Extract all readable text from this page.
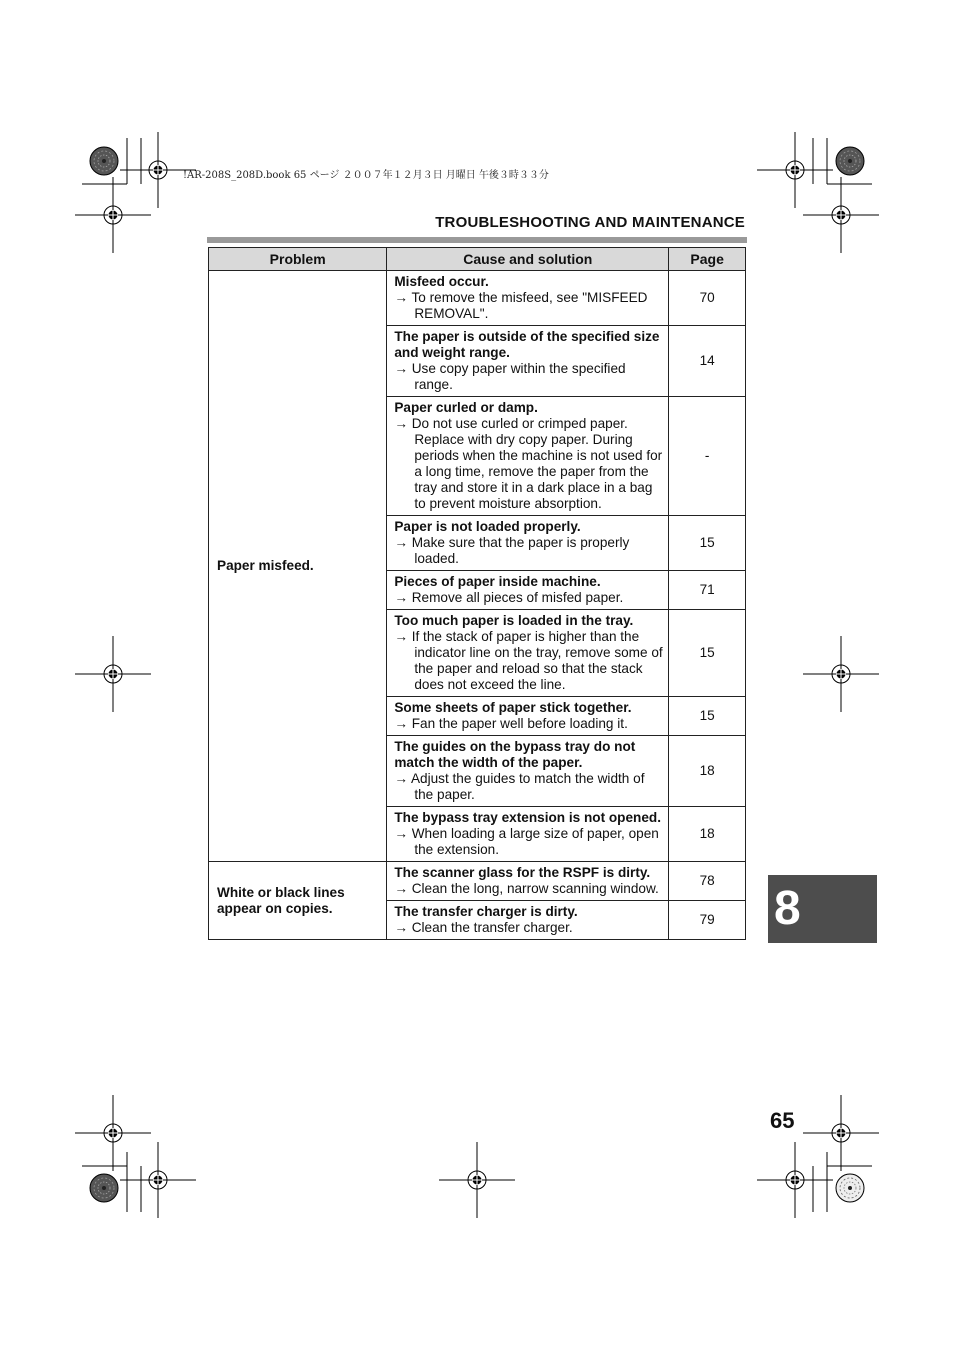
!AR-208S_208D.book 65 ページ ２００７年１２月３日 月曜日 午後３時３３分
TROUBLESHOOTING AND MAINTENANCE
Problem	Cause and solution	Page
Paper misfeed.	Misfeed occur.
→ To remove the misfeed, see "MISFEED REMOVAL".	70

	The paper is outside of the specified size and weight range.
→ Use copy paper within the specified range.	14

	Paper curled or damp.
→ Do not use curled or crimped paper. Replace with dry copy paper. During periods when the machine is not used for a long time, remove the paper from the tray and store it in a dark place in a bag to prevent moisture absorption.	-

	Paper is not loaded properly.
→ Make sure that the paper is properly loaded.	15

	Pieces of paper inside machine.
→ Remove all pieces of misfed paper.	71

	Too much paper is loaded in the tray.
→ If the stack of paper is higher than the indicator line on the tray, remove some of the paper and reload so that the stack does not exceed the line.	15

	Some sheets of paper stick together.
→ Fan the paper well before loading it.	15

	The guides on the bypass tray do not match the width of the paper.
→ Adjust the guides to match the width of the paper.	18

	The bypass tray extension is not opened.
→ When loading a large size of paper, open the extension.	18
White or black lines appear on copies.	The scanner glass for the RSPF is dirty.
→ Clean the long, narrow scanning window.	78

	The transfer charger is dirty.
→ Clean the transfer charger.	79 8
65
